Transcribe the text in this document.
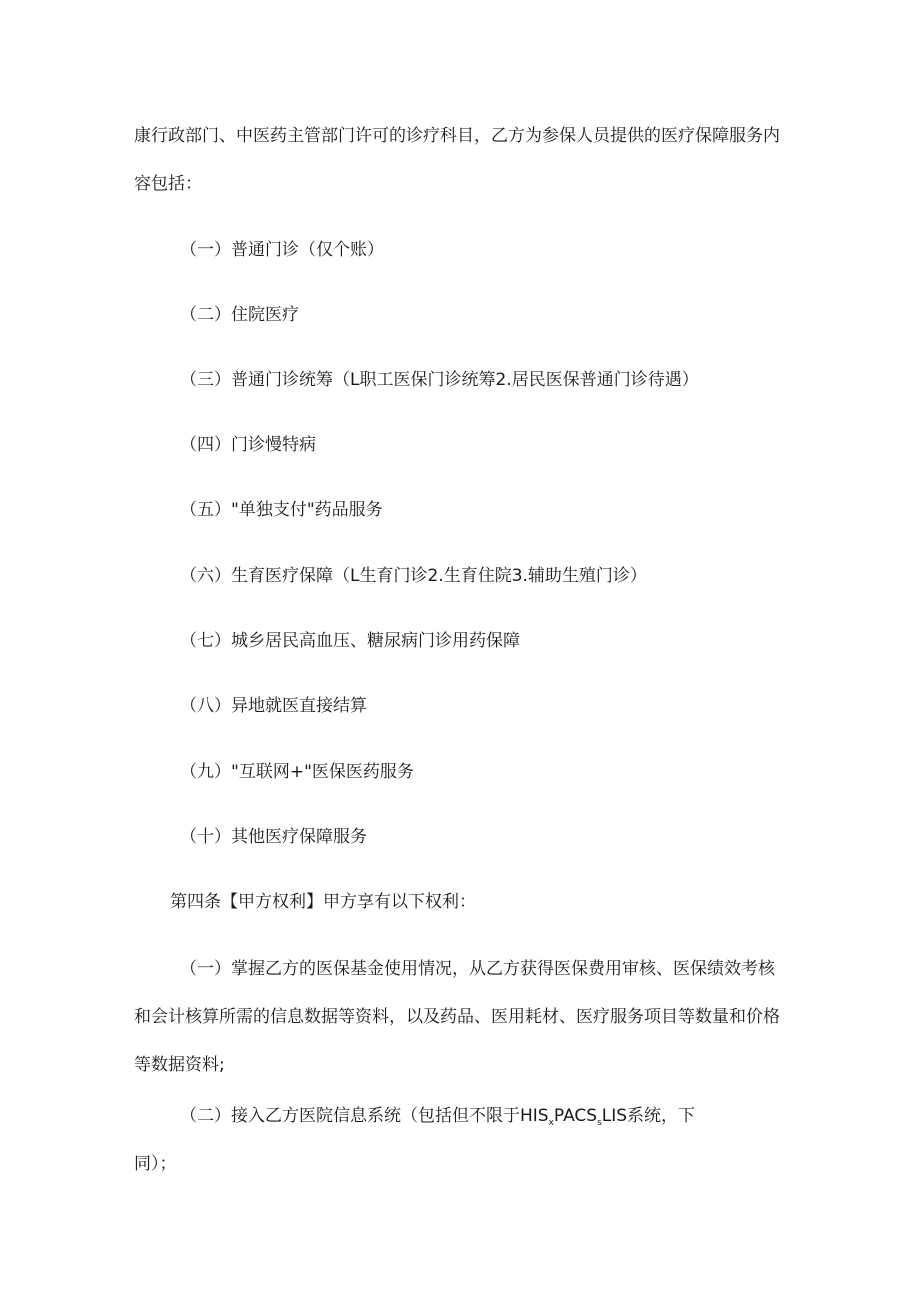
康行政部门、中医药主管部门许可的诊疗科目，乙方为参保人员提供的医疗保障服务内
容包括：
（一）普通门诊（仅个账）
（二）住院医疗
（三）普通门诊统筹（L职工医保门诊统筹2.居民医保普通门诊待遇）
（四）门诊慢特病
（五）"单独支付"药品服务
（六）生育医疗保障（L生育门诊2.生育住院3.辅助生殖门诊）
（七）城乡居民高血压、糖尿病门诊用药保障
（八）异地就医直接结算
（九）"互联网+"医保医药服务
（十）其他医疗保障服务
第四条【甲方权利】甲方享有以下权利：
（一）掌握乙方的医保基金使用情况，从乙方获得医保费用审核、医保绩效考核
和会计核算所需的信息数据等资料，以及药品、医用耗材、医疗服务项目等数量和价格
等数据资料;
（二）接入乙方医院信息系统（包括但不限于$HIS_xPACS_sLIS$系统，下
同）；
